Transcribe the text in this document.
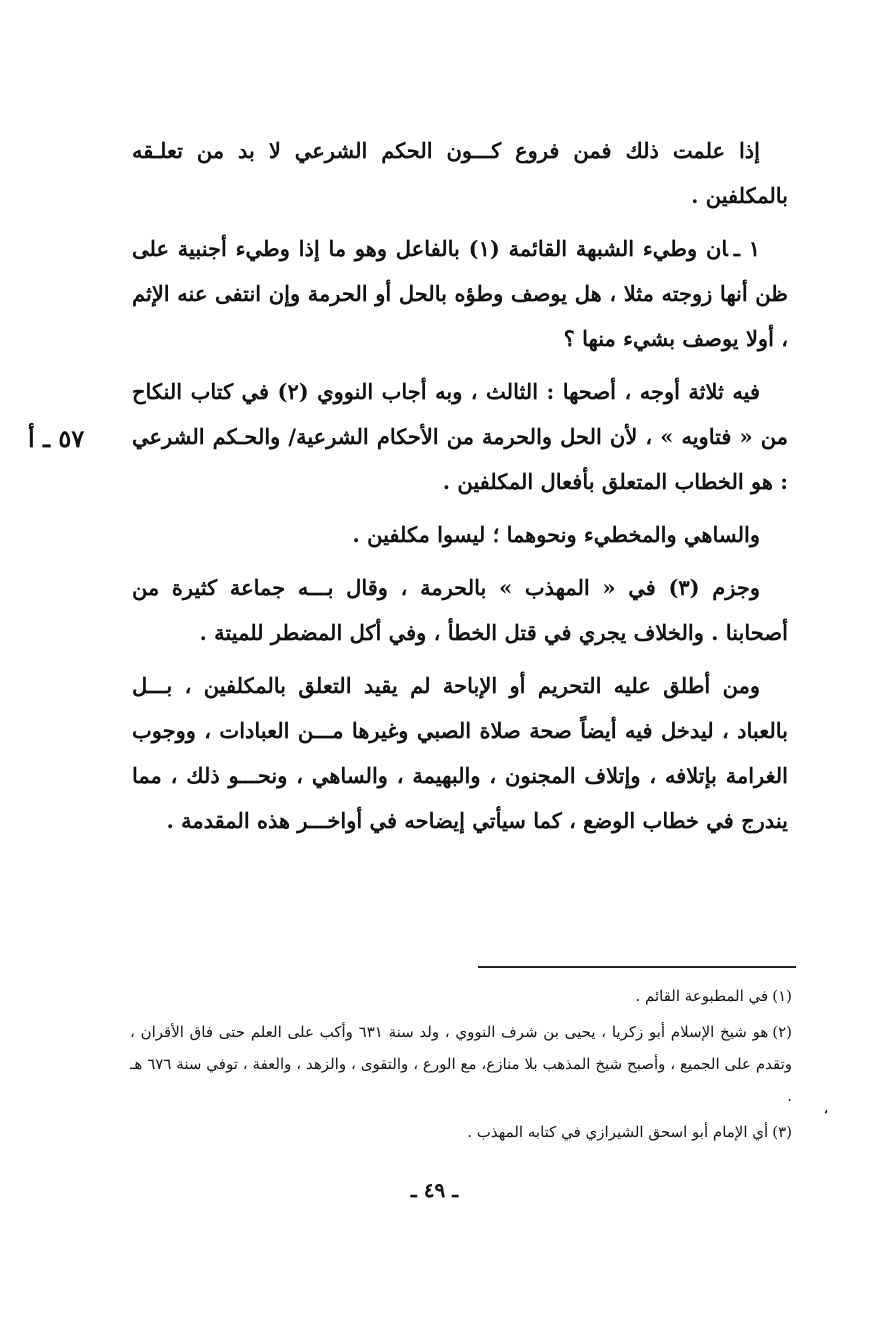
إذا علمت ذلك فمن فروع كـــون الحكم الشرعي لا بد من تعلـقه بالمكلفين .

١ ـان وطيء الشبهة القائمة (١) بالفاعل وهو ما إذا وطيء أجنبية على ظن أنها زوجته مثلا ، هل يوصف وطؤه بالحل أو الحرمة وإن انتفى عنه الإثم ، أولا يوصف بشيء منها ؟

فيه ثلاثة أوجه ، أصحها : الثالث ، وبه أجاب النووي (٢) في كتاب النكاح من « فتاويه » ، لأن الحل والحرمة من الأحكام الشرعية/ والحـكم الشرعي : هو الخطاب المتعلق بأفعال المكلفين .

والساهي والمخطيء ونحوهما ؛ ليسوا مكلفين .

وجزم (٣) في « المهذب » بالحرمة ، وقال بـــه جماعة كثيرة من أصحابنا . والخلاف يجري في قتل الخطأ ، وفي أكل المضطر للميتة .

ومن أطلق عليه التحريم أو الإباحة لم يقيد التعلق بالمكلفين ، بـــل بالعباد ، ليدخل فيه أيضاً صحة صلاة الصبي وغيرها مـــن العبادات ، ووجوب الغرامة بإتلافه ، وإتلاف المجنون ، والبهيمة ، والساهي ، ونحـــو ذلك ، مما يندرج في خطاب الوضع ، كما سيأتي إيضاحه في أواخـــر هذه المقدمة .

٥٧ ـ أ

(١)في المطبوعة القائم .

(٢)هو شيخ الإسلام أبو زكريا ، يحيى بن شرف النووي ، ولد سنة ٦٣١ وأكب على العلم حتى فاق الأقران ، وتقدم على الجميع ، وأصبح شيخ المذهب بلا منازع، مع الورع ، والتقوى ، والزهد ، والعفة ، توفي سنة ٦٧٦ هـ .

(٣)أي الإمام أبو اسحق الشيرازي في كتابه المهذب .

ـ ٤٩ ـ
،
